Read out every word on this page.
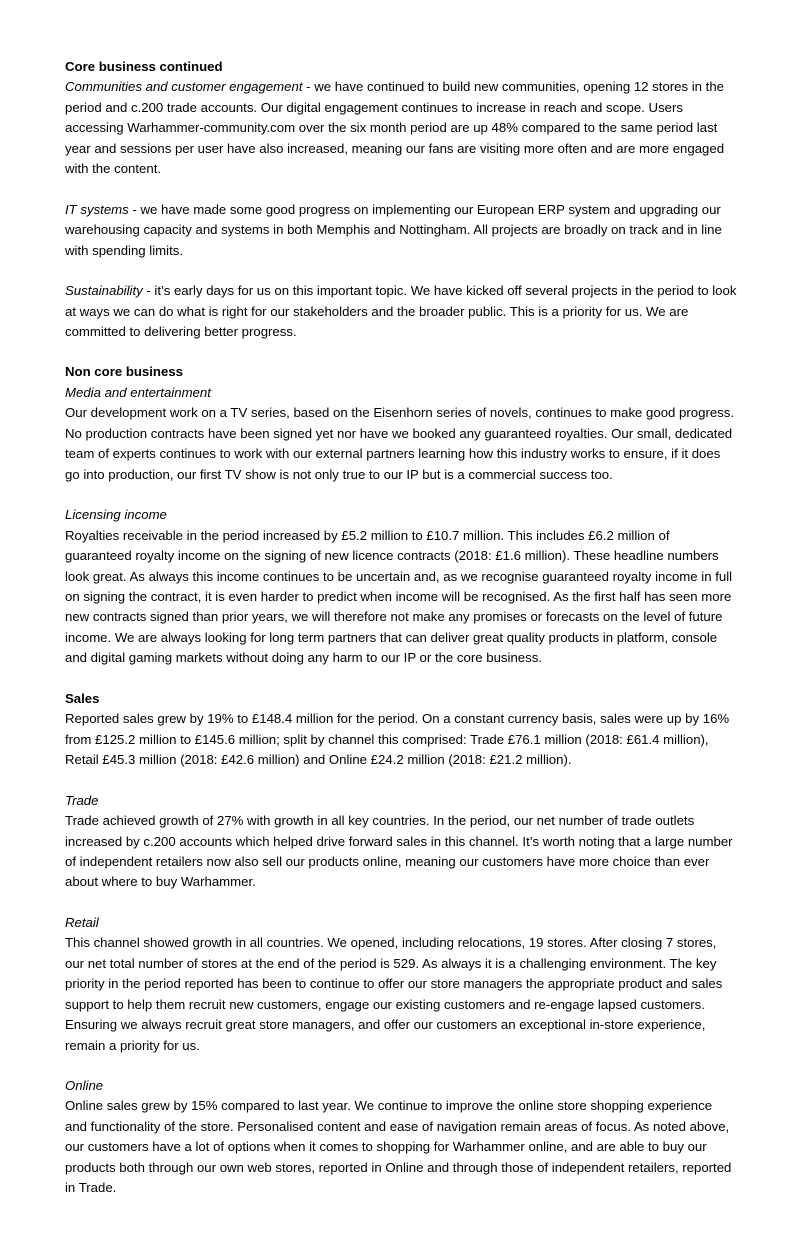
Core business continued

Communities and customer engagement - we have continued to build new communities, opening 12 stores in the period and c.200 trade accounts. Our digital engagement continues to increase in reach and scope. Users accessing Warhammer-community.com over the six month period are up 48% compared to the same period last year and sessions per user have also increased, meaning our fans are visiting more often and are more engaged with the content.

IT systems - we have made some good progress on implementing our European ERP system and upgrading our warehousing capacity and systems in both Memphis and Nottingham. All projects are broadly on track and in line with spending limits.

Sustainability - it’s early days for us on this important topic. We have kicked off several projects in the period to look at ways we can do what is right for our stakeholders and the broader public. This is a priority for us. We are committed to delivering better progress.

Non core business
Media and entertainment

Our development work on a TV series, based on the Eisenhorn series of novels, continues to make good progress. No production contracts have been signed yet nor have we booked any guaranteed royalties. Our small, dedicated team of experts continues to work with our external partners learning how this industry works to ensure, if it does go into production, our first TV show is not only true to our IP but is a commercial success too.

Licensing income

Royalties receivable in the period increased by £5.2 million to £10.7 million. This includes £6.2 million of guaranteed royalty income on the signing of new licence contracts (2018: £1.6 million). These headline numbers look great. As always this income continues to be uncertain and, as we recognise guaranteed royalty income in full on signing the contract, it is even harder to predict when income will be recognised. As the first half has seen more new contracts signed than prior years, we will therefore not make any promises or forecasts on the level of future income. We are always looking for long term partners that can deliver great quality products in platform, console and digital gaming markets without doing any harm to our IP or the core business.

Sales

Reported sales grew by 19% to £148.4 million for the period. On a constant currency basis, sales were up by 16% from £125.2 million to £145.6 million; split by channel this comprised: Trade £76.1 million (2018: £61.4 million), Retail £45.3 million (2018: £42.6 million) and Online £24.2 million (2018: £21.2 million).

Trade

Trade achieved growth of 27% with growth in all key countries. In the period, our net number of trade outlets increased by c.200 accounts which helped drive forward sales in this channel. It’s worth noting that a large number of independent retailers now also sell our products online, meaning our customers have more choice than ever about where to buy Warhammer.

Retail

This channel showed growth in all countries. We opened, including relocations, 19 stores. After closing 7 stores, our net total number of stores at the end of the period is 529. As always it is a challenging environment. The key priority in the period reported has been to continue to offer our store managers the appropriate product and sales support to help them recruit new customers, engage our existing customers and re-engage lapsed customers. Ensuring we always recruit great store managers, and offer our customers an exceptional in-store experience, remain a priority for us.

Online

Online sales grew by 15% compared to last year. We continue to improve the online store shopping experience and functionality of the store. Personalised content and ease of navigation remain areas of focus. As noted above, our customers have a lot of options when it comes to shopping for Warhammer online, and are able to buy our products both through our own web stores, reported in Online and through those of independent retailers, reported in Trade.
